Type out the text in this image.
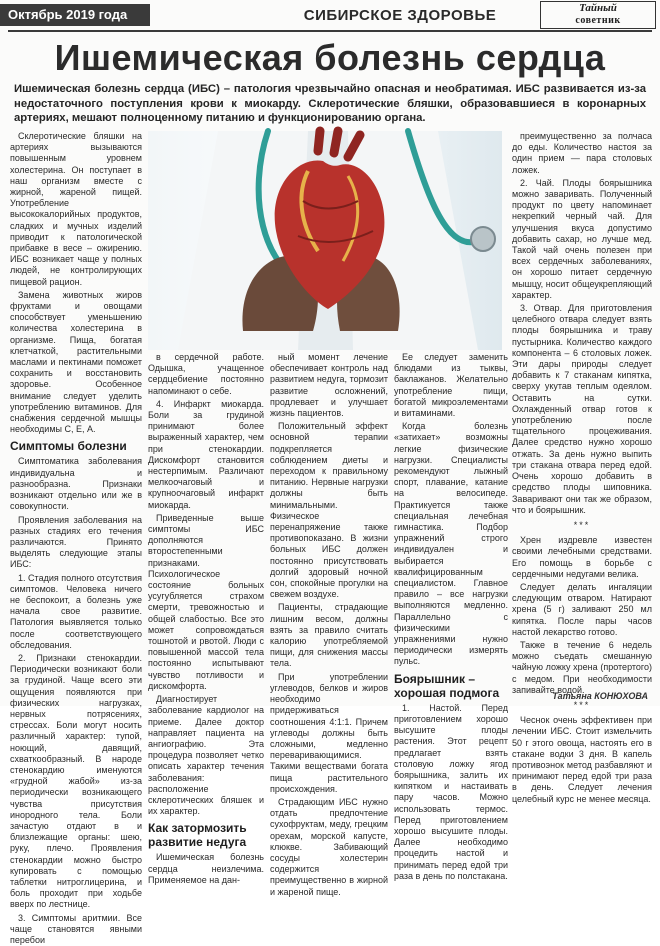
Октябрь 2019 года	СИБИРСКОЕ ЗДОРОВЬЕ	Тайный
советник
Ишемическая болезнь сердца

Ишемическая болезнь сердца (ИБС) – патология чрезвычайно опасная и необратимая. ИБС развивается из-за недостаточного поступления крови к миокарду. Склеротические бляшки, образовавшиеся в коронарных артериях, мешают полноценному питанию и функционированию органа.

Склеротические бляшки на артериях вызываются повышенным уровнем холестерина. Он поступает в наш организм вместе с жирной, жареной пищей. Употребление высококалорийных продуктов, сладких и мучных изделий приводит к патологической прибавке в весе – ожирению. ИБС возникает чаще у полных людей, не контролирующих пищевой рацион.

Замена животных жиров фруктами и овощами способствует уменьшению количества холестерина в организме. Пища, богатая клетчаткой, растительными маслами и пектинами поможет сохранить и восстановить здоровье. Особенное внимание следует уделить употреблению витаминов. Для снабжения сердечной мышцы необходимы С, Е, А.

Симптомы болезни

Симптоматика заболевания индивидуальна и разнообразна. Признаки возникают отдельно или же в совокупности.

Проявления заболевания на разных стадиях его течения различаются. Принято выделять следующие этапы ИБС:

1. Стадия полного отсутствия симптомов. Человека ничего не беспокоит, а болезнь уже начала свое развитие. Патология выявляется только после соответствующего обследования.

2. Признаки стенокардии. Периодически возникают боли за грудиной. Чаще всего эти ощущения появляются при физических нагрузках, нервных потрясениях, стрессах. Боли могут носить различный характер: тупой, ноющий, давящий, схваткообразный. В народе стенокардию именуются «грудной жабой» из-за периодически возникающего чувства присутствия инородного тела. Боли зачастую отдают в и близлежащие органы: шею, руку, плечо. Проявления стенокардии можно быстро купировать с помощью таблетки нитроглицерина, и боль проходит при ходьбе вверх по лестнице.

3. Симптомы аритмии. Все чаще становятся явными перебои

в сердечной работе. Одышка, учащенное сердцебиение постоянно напоминают о себе.

4. Инфаркт миокарда. Боли за грудиной принимают более выраженный характер, чем при стенокардии. Дискомфорт становится нестерпимым. Различают мелкоочаговый и крупноочаговый инфаркт миокарда.

Приведенные выше симптомы ИБС дополняются второстепенными признаками. Психологическое состояние больных усугубляется страхом смерти, тревожностью и общей слабостью. Все это может сопровождаться тошнотой и рвотой. Люди с повышенной массой тела постоянно испытывают чувство потливости и дискомфорта.

Диагностирует заболевание кардиолог на приеме. Далее доктор направляет пациента на ангиографию. Эта процедура позволяет четко описать характер течения заболевания: расположение склеротических бляшек и их характер.

Как затормозить развитие недуга

Ишемическая болезнь сердца неизлечима. Применяемое на дан-

ный момент лечение обеспечивает контроль над развитием недуга, тормозит развитие осложнений, продлевает и улучшает жизнь пациентов.

Положительный эффект основной терапии подкрепляется соблюдением диеты и переходом к правильному питанию. Нервные нагрузки должны быть минимальными. Физическое перенапряжение также противопоказано. В жизни больных ИБС должен постоянно присутствовать долгий здоровый ночной сон, спокойные прогулки на свежем воздухе.

Пациенты, страдающие лишним весом, должны взять за правило считать калорию употребляемой пищи, для снижения массы тела.

При употреблении углеводов, белков и жиров необходимо придерживаться соотношения 4:1:1. Причем углеводы должны быть сложными, медленно переваривающимися. Такими веществами богата пища растительного происхождения.

Страдающим ИБС нужно отдать предпочтение сухофруктам, меду, грецким орехам, морской капусте, клюкве. Забивающий сосуды холестерин содержится преимущественно в жирной и жареной пище.

Ее следует заменить блюдами из тыквы, баклажанов. Желательно употребление пищи, богатой микроэлементами и витаминами.

Когда болезнь «затихает» возможны легкие физические нагрузки. Специалисты рекомендуют лыжный спорт, плавание, катание на велосипеде. Практикуется также специальная лечебная гимнастика. Подбор упражнений строго индивидуален и выбирается квалифицированным специалистом. Главное правило – все нагрузки выполняются медленно. Параллельно с физическими упражнениями нужно периодически измерять пульс.

Боярышник – хорошая подмога

1. Настой. Перед приготовлением хорошо высушите плоды растения. Этот рецепт предлагает взять столовую ложку ягод боярышника, залить их кипятком и настаивать пару часов. Можно использовать термос. Перед приготовлением хорошо высушите плоды. Далее необходимо процедить настой и принимать перед едой три раза в день по полстакана.

преимущественно за полчаса до еды. Количество настоя за один прием — пара столовых ложек.

2. Чай. Плоды боярышника можно заваривать. Полученный продукт по цвету напоминает некрепкий черный чай. Для улучшения вкуса допустимо добавить сахар, но лучше мед. Такой чай очень полезен при всех сердечных заболеваниях, он хорошо питает сердечную мышцу, носит общеукрепляющий характер.

3. Отвар. Для приготовления целебного отвара следует взять плоды боярышника и траву пустырника. Количество каждого компонента – 6 столовых ложек. Эти дары природы следует добавить к 7 стаканам кипятка, сверху укутав теплым одеялом. Оставить на сутки. Охлажденный отвар готов к употреблению после тщательного процеживания. Далее средство нужно хорошо отжать. За день нужно выпить три стакана отвара перед едой. Очень хорошо добавить в средство плоды шиповника. Заваривают они так же образом, что и боярышник.

***

Хрен издревле известен своими лечебными средствами. Его помощь в борьбе с сердечными недугами велика.

Следует делать ингаляции следующим отваром. Натирают хрена (5 г) заливают 250 мл кипятка. После пары часов настой лекарство готово.

Также в течение 6 недель можно съедать смешанную чайную ложку хрена (протертого) с медом. При необходимости запивайте водой.

***

Чеснок очень эффективен при лечении ИБС. Стоит измельчить 50 г этого овоща, настоять его в стакане водки 3 дня. В капель противоэнок метод разбавляют и принимают перед едой три раза в день. Следует лечения целебный курс не менее месяца.

Татьяна КОНЮХОВА
